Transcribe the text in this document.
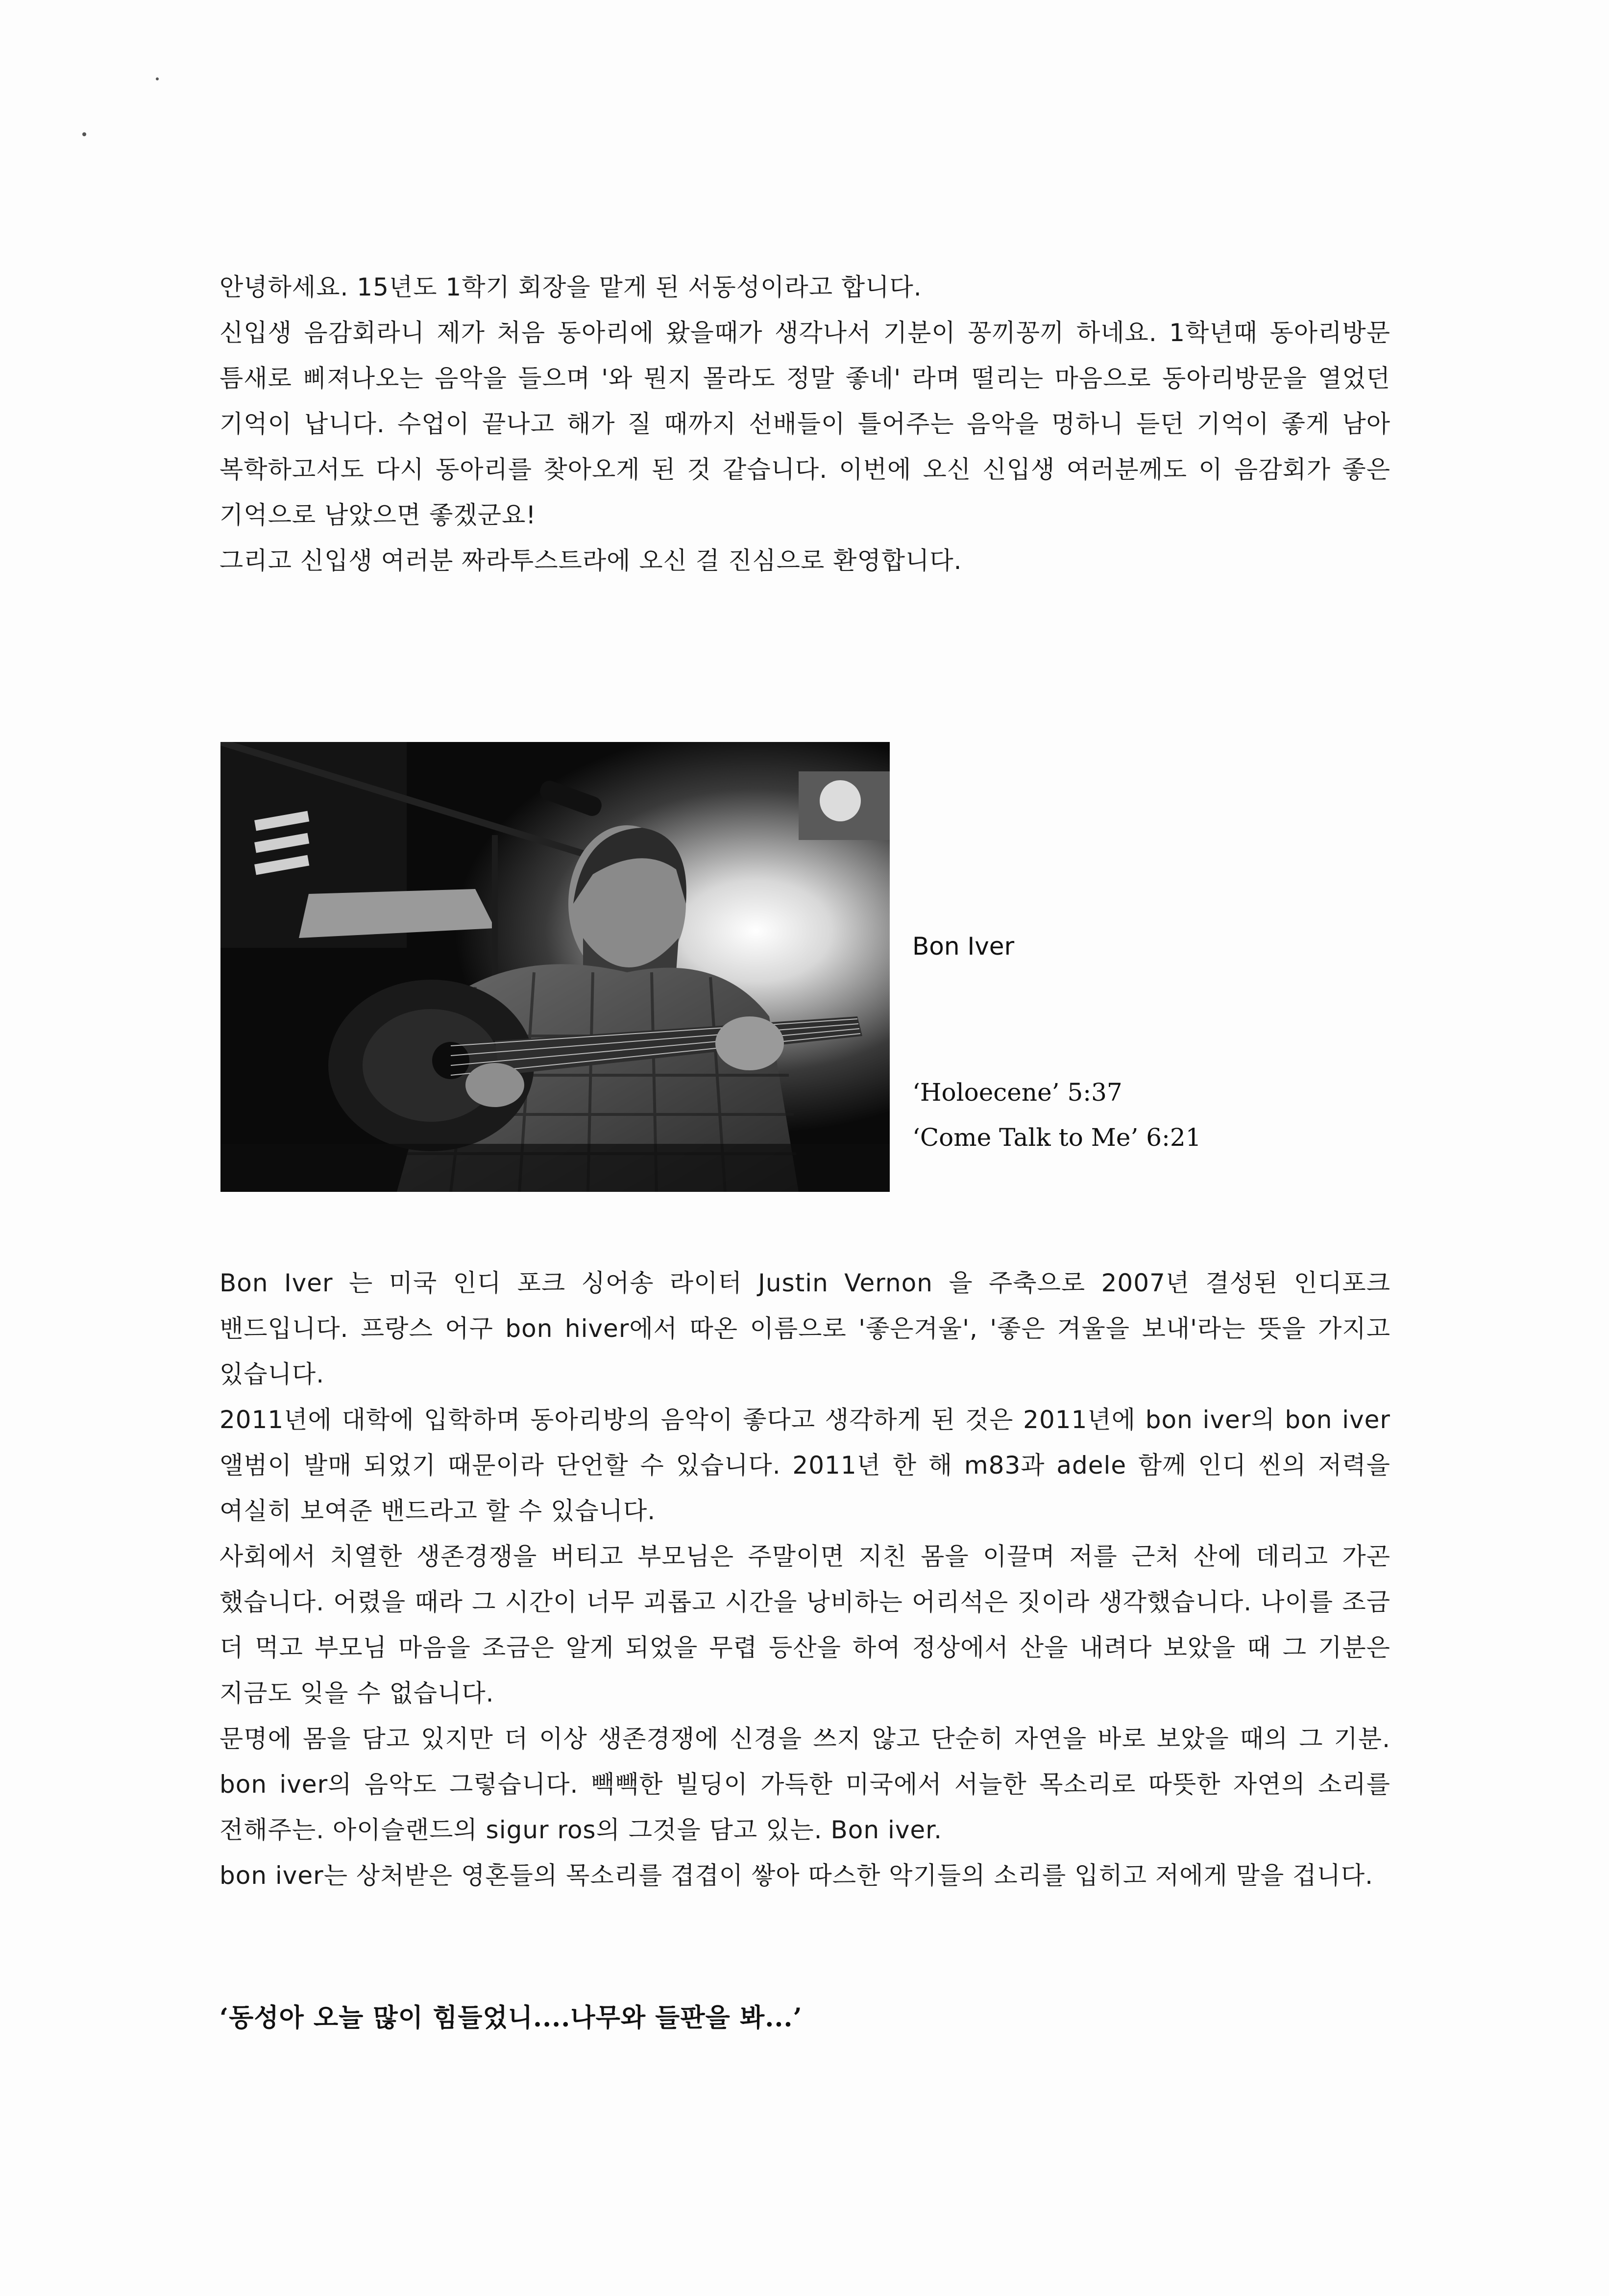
안녕하세요. 15년도 1학기 회장을 맡게 된 서동성이라고 합니다.

신입생 음감회라니 제가 처음 동아리에 왔을때가 생각나서 기분이 꽁끼꽁끼 하네요. 1학년때 동아리방문 틈새로 삐져나오는 음악을 들으며 '와 뭔지 몰라도 정말 좋네' 라며 떨리는 마음으로 동아리방문을 열었던 기억이 납니다. 수업이 끝나고 해가 질 때까지 선배들이 틀어주는 음악을 멍하니 듣던 기억이 좋게 남아 복학하고서도 다시 동아리를 찾아오게 된 것 같습니다. 이번에 오신 신입생 여러분께도 이 음감회가 좋은 기억으로 남았으면 좋겠군요!

그리고 신입생 여러분 짜라투스트라에 오신 걸 진심으로 환영합니다.

Bon Iver
‘Holoecene’ 5:37
‘Come Talk to Me’ 6:21

Bon Iver 는 미국 인디 포크 싱어송 라이터 Justin Vernon 을 주축으로 2007년 결성된 인디포크 밴드입니다. 프랑스 어구 bon hiver에서 따온 이름으로 '좋은겨울', '좋은 겨울을 보내'라는 뜻을 가지고 있습니다.

2011년에 대학에 입학하며 동아리방의 음악이 좋다고 생각하게 된 것은 2011년에 bon iver의 bon iver 앨범이 발매 되었기 때문이라 단언할 수 있습니다. 2011년 한 해 m83과 adele 함께 인디 씬의 저력을 여실히 보여준 밴드라고 할 수 있습니다.

사회에서 치열한 생존경쟁을 버티고 부모님은 주말이면 지친 몸을 이끌며 저를 근처 산에 데리고 가곤 했습니다. 어렸을 때라 그 시간이 너무 괴롭고 시간을 낭비하는 어리석은 짓이라 생각했습니다. 나이를 조금 더 먹고 부모님 마음을 조금은 알게 되었을 무렵 등산을 하여 정상에서 산을 내려다 보았을 때 그 기분은 지금도 잊을 수 없습니다.

문명에 몸을 담고 있지만 더 이상 생존경쟁에 신경을 쓰지 않고 단순히 자연을 바로 보았을 때의 그 기분. bon iver의 음악도 그렇습니다. 빽빽한 빌딩이 가득한 미국에서 서늘한 목소리로 따뜻한 자연의 소리를 전해주는. 아이슬랜드의 sigur ros의 그것을 담고 있는. Bon iver.

bon iver는 상처받은 영혼들의 목소리를 겹겹이 쌓아 따스한 악기들의 소리를 입히고 저에게 말을 겁니다.

‘동성아 오늘 많이 힘들었니....나무와 들판을 봐...’
